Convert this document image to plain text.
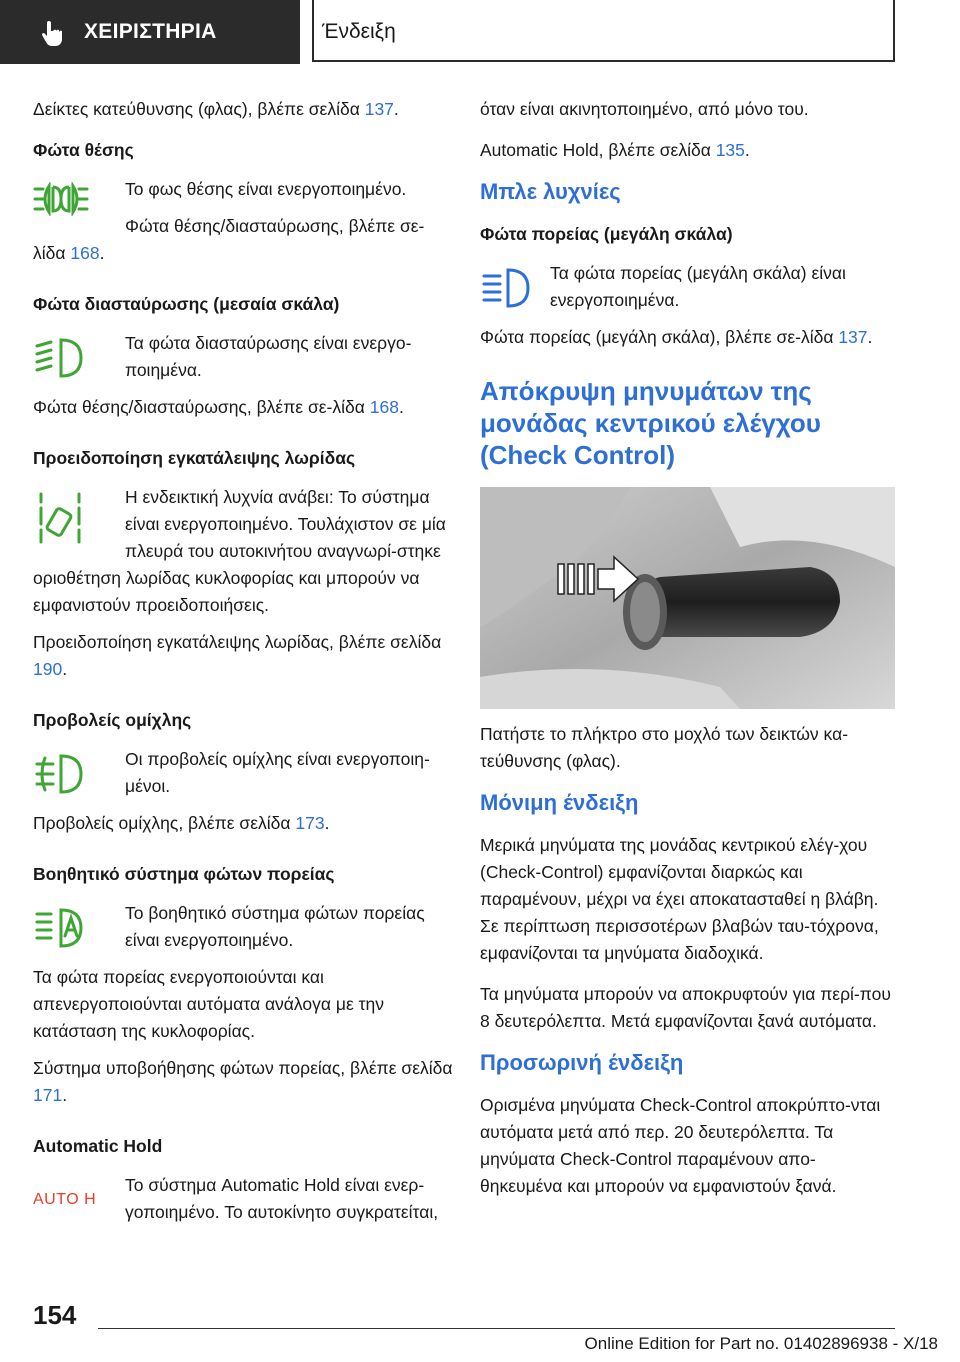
ΧΕΙΡΙΣΤΗΡΙΑ	Ένδειξη

Δείκτες κατεύθυνσης (φλας), βλέπε σελίδα 137.

Φώτα θέσης

Το φως θέσης είναι ενεργοποιημένο.

Φώτα θέσης/διασταύρωσης, βλέπε σε-λίδα 168.

Φώτα διασταύρωσης (μεσαία σκάλα)

Τα φώτα διασταύρωσης είναι ενεργο-ποιημένα.

Φώτα θέσης/διασταύρωσης, βλέπε σε-λίδα 168.

Προειδοποίηση εγκατάλειψης λωρίδας

Η ενδεικτική λυχνία ανάβει: Το σύστημα είναι ενεργοποιημένο. Τουλάχιστον σε μία πλευρά του αυτοκινήτου αναγνωρί-στηκε οριοθέτηση λωρίδας κυκλοφορίας και μπορούν να εμφανιστούν προειδοποιήσεις.

Προειδοποίηση εγκατάλειψης λωρίδας, βλέπε σελίδα 190.

Προβολείς ομίχλης

Οι προβολείς ομίχλης είναι ενεργοποιη-μένοι.

Προβολείς ομίχλης, βλέπε σελίδα 173.

Βοηθητικό σύστημα φώτων πορείας

Το βοηθητικό σύστημα φώτων πορείας είναι ενεργοποιημένο.

Τα φώτα πορείας ενεργοποιούνται και απενεργοποιούνται αυτόματα ανάλογα με την κατάσταση της κυκλοφορίας.

Σύστημα υποβοήθησης φώτων πορείας, βλέπε σελίδα 171.

Automatic Hold
AUTO H

Το σύστημα Automatic Hold είναι ενερ-γοποιημένο. Το αυτοκίνητο συγκρατείται,

όταν είναι ακινητοποιημένο, από μόνο του.

Automatic Hold, βλέπε σελίδα 135.

Μπλε λυχνίες
Φώτα πορείας (μεγάλη σκάλα)

Τα φώτα πορείας (μεγάλη σκάλα) είναι ενεργοποιημένα.

Φώτα πορείας (μεγάλη σκάλα), βλέπε σε-λίδα 137.

Απόκρυψη μηνυμάτων της μονάδας κεντρικού ελέγχου (Check Control)

Πατήστε το πλήκτρο στο μοχλό των δεικτών κα-τεύθυνσης (φλας).

Μόνιμη ένδειξη

Μερικά μηνύματα της μονάδας κεντρικού ελέγ-χου (Check-Control) εμφανίζονται διαρκώς και παραμένουν, μέχρι να έχει αποκατασταθεί η βλάβη. Σε περίπτωση περισσοτέρων βλαβών ταυ-τόχρονα, εμφανίζονται τα μηνύματα διαδοχικά.

Τα μηνύματα μπορούν να αποκρυφτούν για περί-που 8 δευτερόλεπτα. Μετά εμφανίζονται ξανά αυτόματα.

Προσωρινή ένδειξη

Ορισμένα μηνύματα Check-Control αποκρύπτο-νται αυτόματα μετά από περ. 20 δευτερόλεπτα. Τα μηνύματα Check-Control παραμένουν απο-θηκευμένα και μπορούν να εμφανιστούν ξανά.

154
Online Edition for Part no. 01402896938 - X/18
